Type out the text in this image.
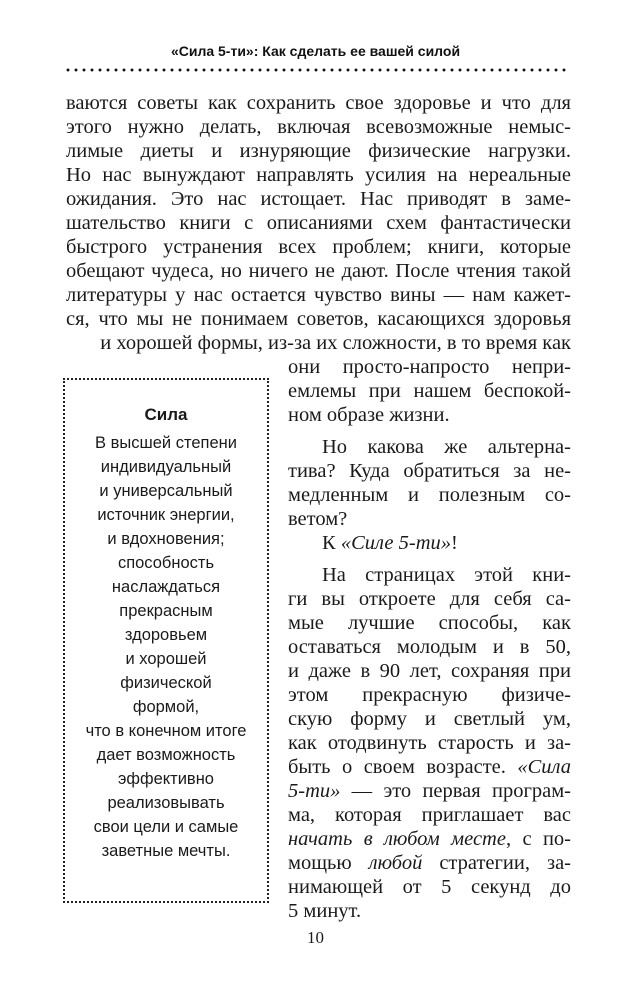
«Сила 5-ти»: Как сделать ее вашей силой
ваются советы как сохранить свое здоровье и что для
этого нужно делать, включая всевозможные немыс-
лимые диеты и изнуряющие физические нагрузки.
Но нас вынуждают направлять усилия на нереальные
ожидания. Это нас истощает. Нас приводят в заме-
шательство книги с описаниями схем фантастически
быстрого устранения всех проблем; книги, которые
обещают чудеса, но ничего не дают. После чтения такой
литературы у нас остается чувство вины — нам кажет-
ся, что мы не понимаем советов, касающихся здоровья
и хорошей формы, из-за их сложности, в то время как
они просто-напросто непри-
емлемы при нашем беспокой-
ном образе жизни.
Но какова же альтерна-
тива? Куда обратиться за не-
медленным и полезным со-
ветом?
К «Силе 5-ти»!
На страницах этой кни-
ги вы откроете для себя са-
мые лучшие способы, как
оставаться молодым и в 50,
и даже в 90 лет, сохраняя при
этом прекрасную физиче-
скую форму и светлый ум,
как отодвинуть старость и за-
быть о своем возрасте. «Сила
5-ти» — это первая програм-
ма, которая приглашает вас
начать в любом месте, с по-
мощью любой стратегии, за-
нимающей от 5 секунд до
5 минут.
Сила
В высшей степени
индивидуальный
и универсальный
источник энергии,
и вдохновения;
способность
наслаждаться
прекрасным
здоровьем
и хорошей
физической
формой,
что в конечном итоге
дает возможность
эффективно
реализовывать
свои цели и самые
заветные мечты.
10
